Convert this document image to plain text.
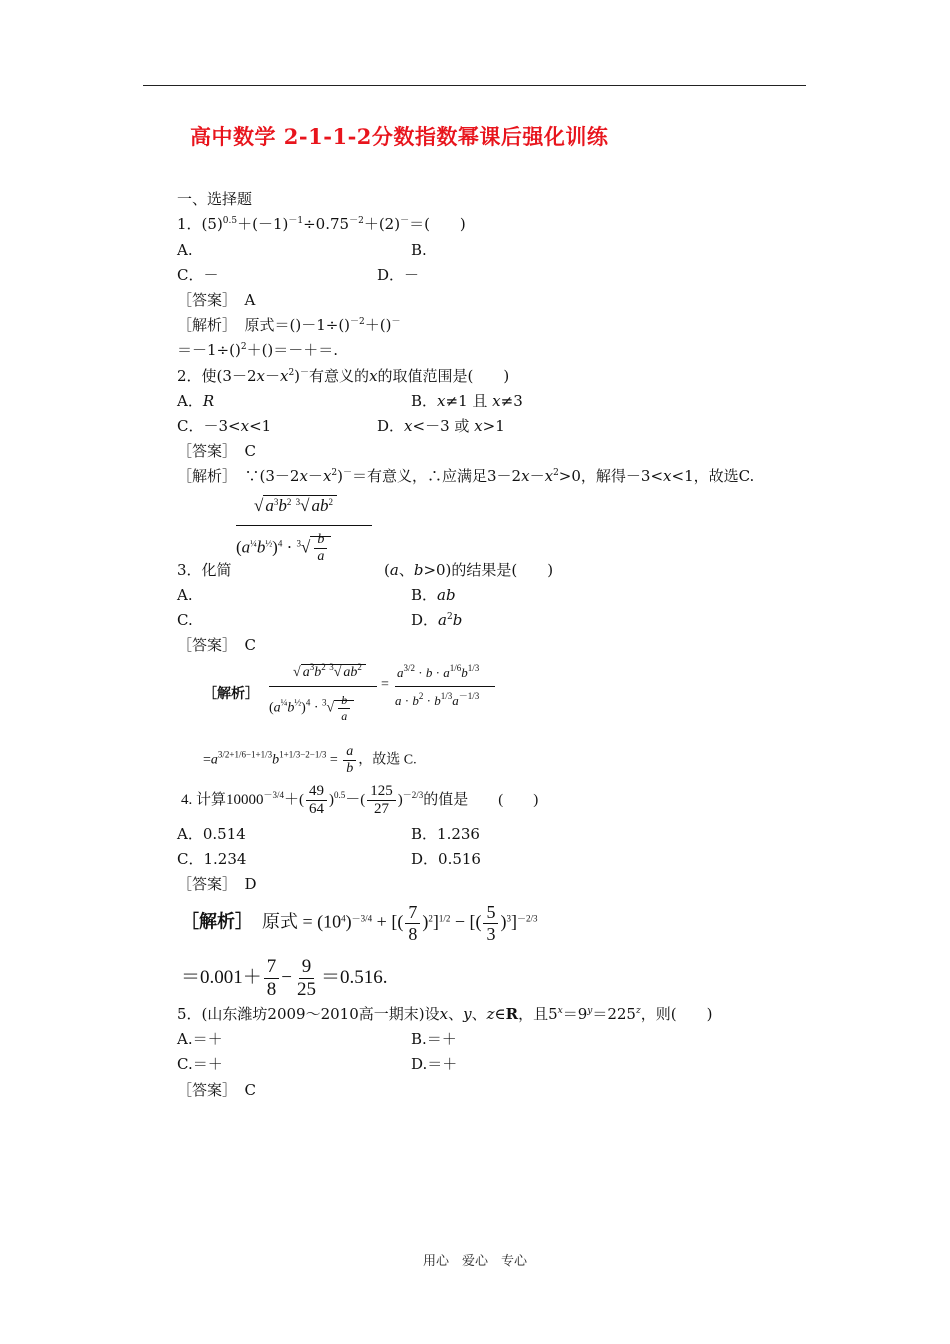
高中数学 2-1-1-2分数指数幂课后强化训练
一、选择题
1．$(5)^{0.5}+(-1)^{-1}\div 0.75^{-2}+(2)^-=$(　　)
A.	B.
C．－	D．－
［答案］　A
［解析］　原式＝()－1÷()$^{-2}$＋()－
＝－1÷()$^2$＋()＝－＋＝.
2．使$(3-2x-x^2)^-$有意义的x的取值范围是(　　)
A．R	B．x≠1 且 x≠3
C．－3<x<1	D．x<－3 或 x>1
［答案］　C
［解析］　$\because(3-2x-x^2)^-=$有意义，∴应满足$3-2x-x^2>0$，解得－3<x<1，故选C.
√ $a^3b^2$ $^3$√ $ab^2$
$(a^{\frac{1}{4}}b^{\frac{1}{2}})^4 \cdot ^3√ \frac{b}{a}$
3．化简	(a、b>0)的结果是(　　)
A.	B．ab
C.	D．$a^2b$
［答案］　C
［解析］
√ $a^3b^2$ $^3$√ $ab^2$
$(a^{\frac{1}{4}}b^{\frac{1}{2}})^4 \cdot ^3√ \frac{b}{a}$
=
$a^{3/2} \cdot b \cdot a^{1/6}b^{1/3}$
$a \cdot b^2 \cdot b^{1/3}a^{-1/3}$
$=a^{3/2+1/6-1+1/3}b^{1+1/3-2-1/3} = \frac{a}{b}$ ，故选 C.
4. 计算$10000^{-3/4}+( \frac{49}{64} )^{0.5}-( \frac{125}{27} )^{-2/3}$的值是　　(　　)
A．0.514	B．1.236
C．1.234	D．0.516
［答案］　D
［解析］ 原式 = $(10^4)^{-3/4}$ + [( $\frac{7}{8} )^2]^{1/2}$ − [( $\frac{5}{3} )^3]^{-2/3}$
$=0.001+ \frac{7}{8} - \frac{9}{25} =0.516$.
5．(山东潍坊2009～2010高一期末)设x、y、z∈R，且$5^x=9^y=225^z$，则(　　)
A.＝＋	B.＝＋
C.＝＋	D.＝＋
［答案］　C
用心　爱心　专心
